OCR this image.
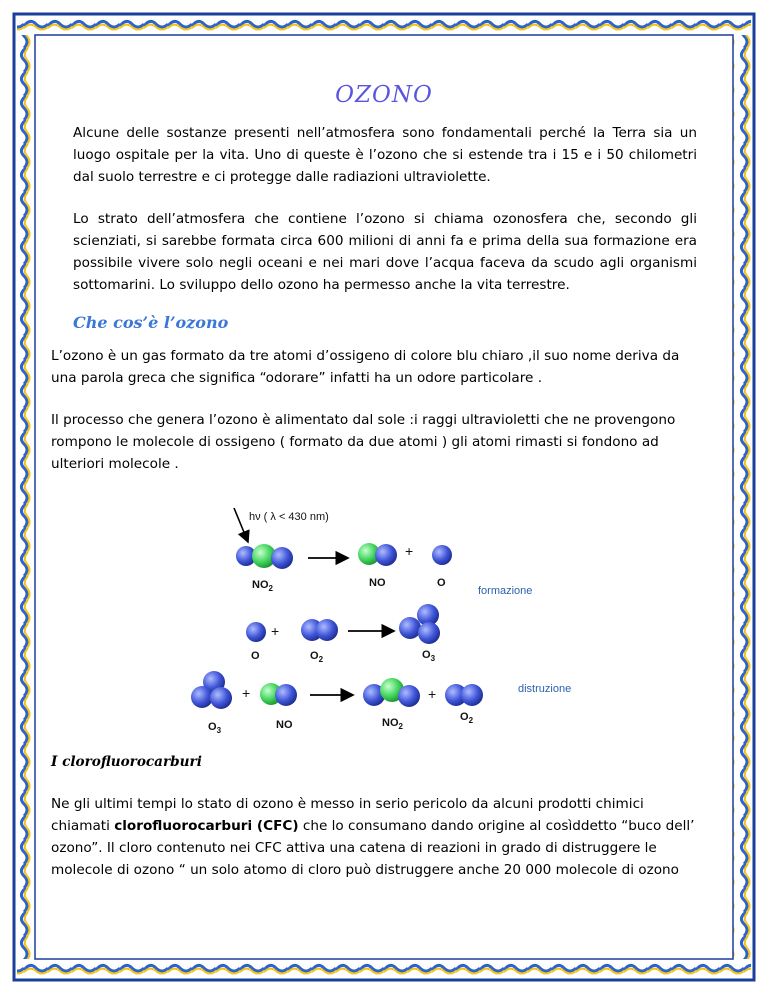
OZONO
Alcune delle sostanze presenti nell’atmosfera sono fondamentali perché la Terra sia un luogo ospitale per la vita. Uno di queste è l’ozono che si estende tra i 15 e i 50 chilometri dal suolo terrestre e ci protegge dalle radiazioni ultraviolette.
Lo strato dell’atmosfera che contiene l’ozono si chiama ozonosfera che, secondo gli scienziati, si sarebbe formata circa 600 milioni di anni fa e prima della sua formazione era possibile vivere solo negli oceani e nei mari dove l’acqua faceva da scudo agli organismi sottomarini. Lo sviluppo dello ozono ha permesso anche la vita terrestre.
Che cos’è l’ozono
L’ozono è un gas formato da tre atomi d’ossigeno di colore blu chiaro ,il suo nome deriva da
una parola greca che significa “odorare” infatti ha un odore particolare .
Il processo che genera l’ozono è alimentato dal sole :i raggi ultravioletti che ne provengono
rompono le molecole di ossigeno ( formato da due atomi ) gli atomi rimasti si fondono ad
ulteriori molecole .
hν ( λ < 430 nm)
$NO_2$
+
NO	O
formazione
+
O	$O_2$	$O_3$
+	+
$O_3$	NO	$NO_2$
$O_2$
distruzione
I clorofluorocarburi
Ne gli ultimi tempi lo stato di ozono è messo in serio pericolo da alcuni prodotti chimici
chiamati clorofluorocarburi (CFC) che lo consumano dando origine al cosìddetto “buco dell’
ozono”. Il cloro contenuto nei CFC attiva una catena di reazioni in grado di distruggere le
molecole di ozono “ un solo atomo di cloro può distruggere anche 20 000 molecole di ozono
